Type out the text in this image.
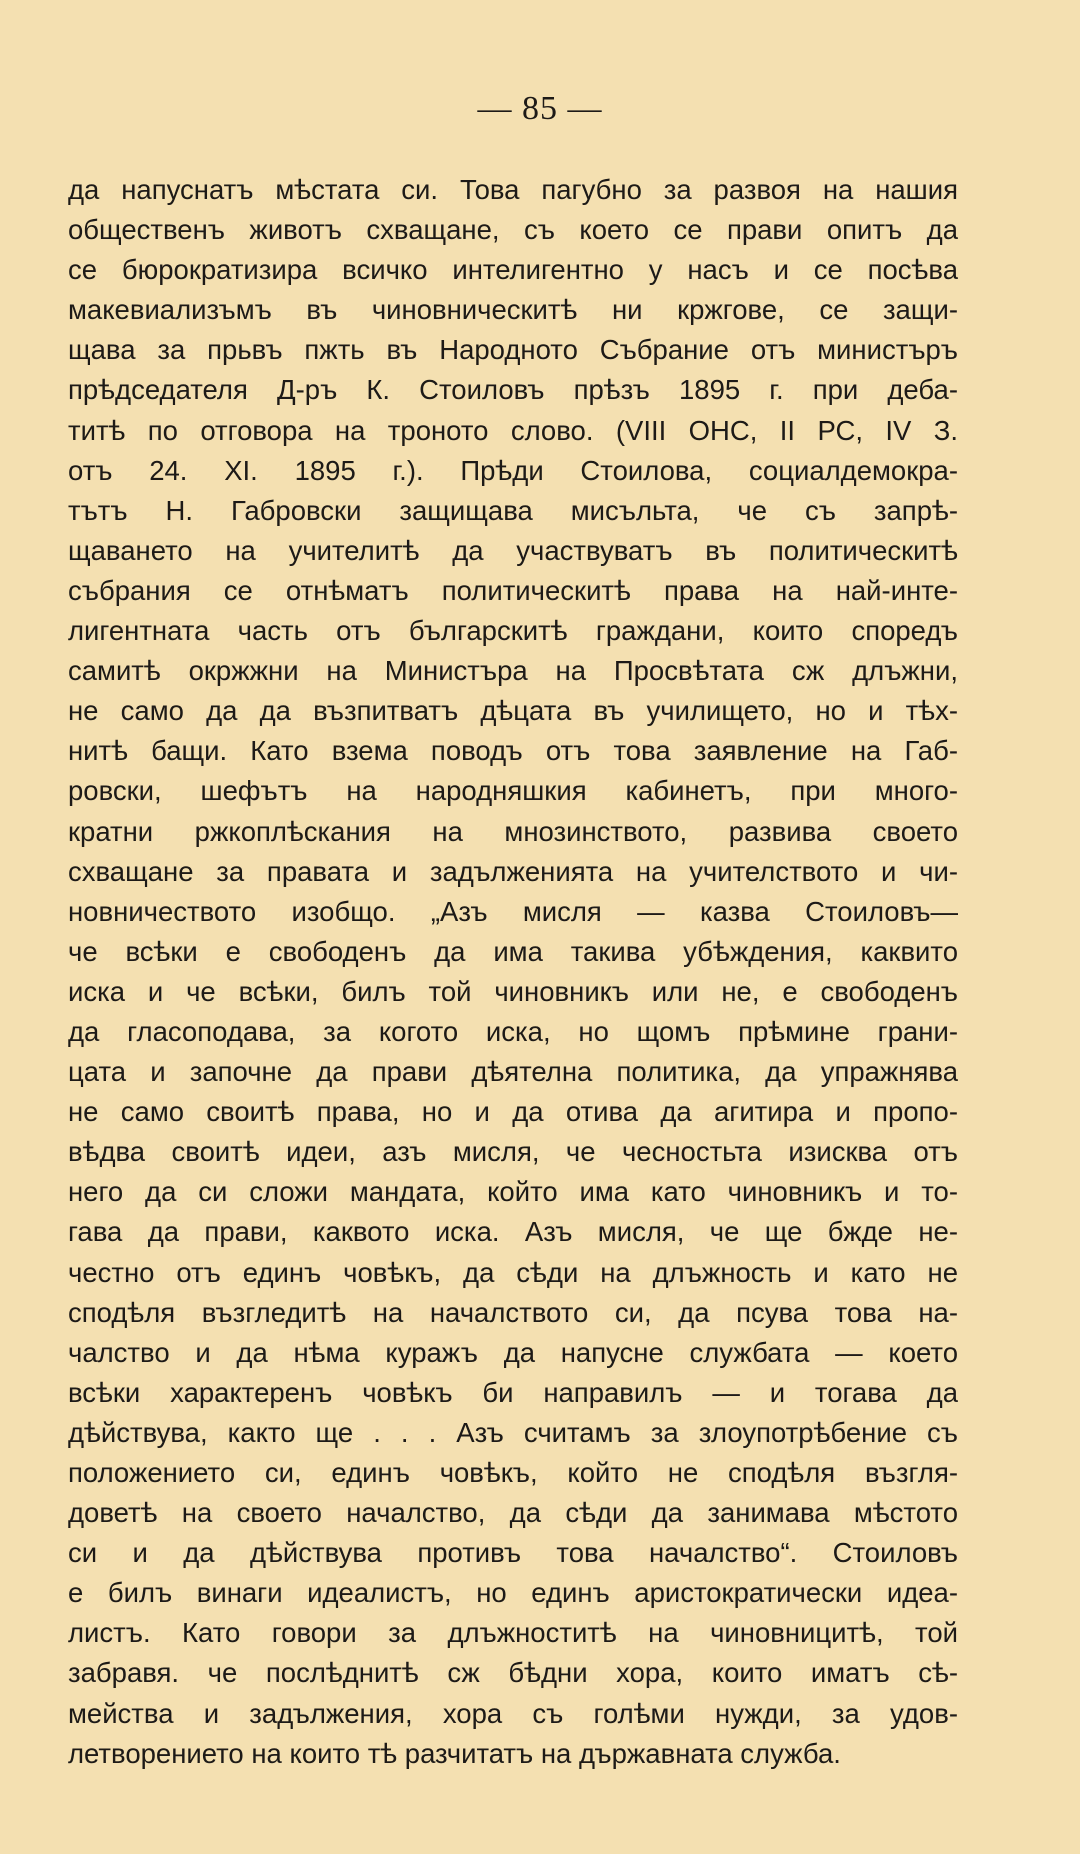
— 85 —
да напуснатъ мѣстата си. Това пагубно за развоя на нашия
общественъ животъ схващане, съ което се прави опитъ да
се бюрократизира всичко интелигентно у насъ и се посѣва
макевиализъмъ въ чиновническитѣ ни кржгове, се защи-
щава за прьвъ пжть въ Народното Събрание отъ министъръ
прѣдседателя Д-ръ К. Стоиловъ прѣзъ 1895 г. при деба-
титѣ по отговора на троното слово. (VIII ОНС, II РС, IV З.
отъ 24. XI. 1895 г.). Прѣди Стоилова, социалдемокра-
тътъ Н. Габровски защищава мисъльта, че съ запрѣ-
щаването на учителитѣ да участвуватъ въ политическитѣ
събрания се отнѣматъ политическитѣ права на най-инте-
лигентната часть отъ българскитѣ граждани, които споредъ
самитѣ окржжни на Министъра на Просвѣтата сж длъжни,
не само да да възпитватъ дѣцата въ училището, но и тѣх-
нитѣ бащи. Като взема поводъ отъ това заявление на Габ-
ровски, шефътъ на народняшкия кабинетъ, при много-
кратни ржкоплѣскания на мнозинството, развива своето
схващане за правата и задълженията на учителството и чи-
новничеството изобщо. „Азъ мисля — казва Стоиловъ—
че всѣки е свободенъ да има такива убѣждения, каквито
иска и че всѣки, билъ той чиновникъ или не, е свободенъ
да гласоподава, за когото иска, но щомъ прѣмине грани-
цата и започне да прави дѣятелна политика, да упражнява
не само своитѣ права, но и да отива да агитира и пропо-
вѣдва своитѣ идеи, азъ мисля, че чесностьта изисква отъ
него да си сложи мандата, който има като чиновникъ и то-
гава да прави, каквото иска. Азъ мисля, че ще бжде не-
честно отъ единъ човѣкъ, да сѣди на длъжность и като не
сподѣля възгледитѣ на началството си, да псува това на-
чалство и да нѣма куражъ да напусне службата — което
всѣки характеренъ човѣкъ би направилъ — и тогава да
дѣйствува, както ще . . . Азъ считамъ за злоупотрѣбение съ
положението си, единъ човѣкъ, който не сподѣля възгля-
доветѣ на своето началство, да сѣди да занимава мѣстото
си и да дѣйствува противъ това началство“. Стоиловъ
е билъ винаги идеалистъ, но единъ аристократически идеа-
листъ. Като говори за длъжноститѣ на чиновницитѣ, той
забравя. че послѣднитѣ сж бѣдни хора, които иматъ сѣ-
мейства и задължения, хора съ голѣми нужди, за удов-
летворението на които тѣ разчитатъ на държавната служба.
